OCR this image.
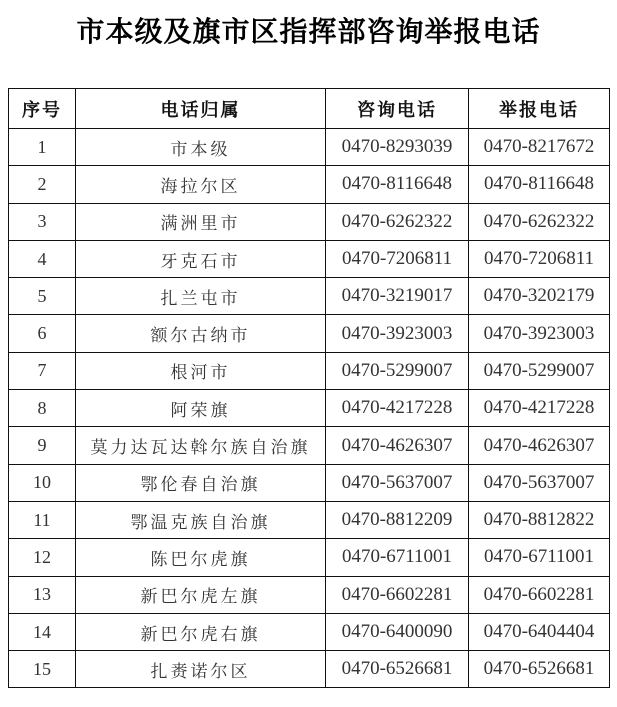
市本级及旗市区指挥部咨询举报电话
序号	电话归属	咨询电话	举报电话
1	市本级	0470-8293039	0470-8217672
2	海拉尔区	0470-8116648	0470-8116648
3	满洲里市	0470-6262322	0470-6262322
4	牙克石市	0470-7206811	0470-7206811
5	扎兰屯市	0470-3219017	0470-3202179
6	额尔古纳市	0470-3923003	0470-3923003
7	根河市	0470-5299007	0470-5299007
8	阿荣旗	0470-4217228	0470-4217228
9	莫力达瓦达斡尔族自治旗	0470-4626307	0470-4626307
10	鄂伦春自治旗	0470-5637007	0470-5637007
11	鄂温克族自治旗	0470-8812209	0470-8812822
12	陈巴尔虎旗	0470-6711001	0470-6711001
13	新巴尔虎左旗	0470-6602281	0470-6602281
14	新巴尔虎右旗	0470-6400090	0470-6404404
15	扎赉诺尔区	0470-6526681	0470-6526681
